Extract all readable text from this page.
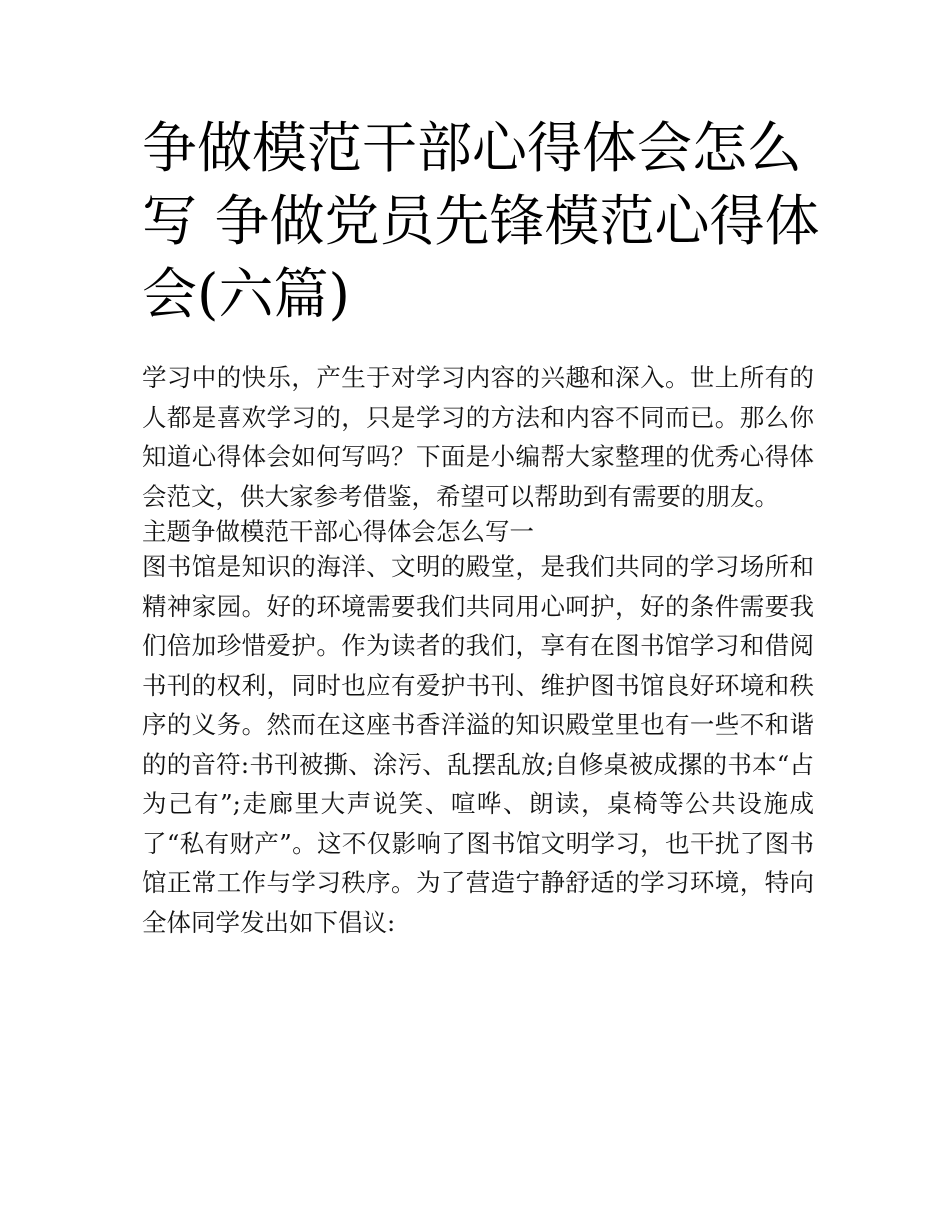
争做模范干部心得体会怎么写 争做党员先锋模范心得体会(六篇)

学习中的快乐，产生于对学习内容的兴趣和深入。世上所有的人都是喜欢学习的，只是学习的方法和内容不同而已。那么你知道心得体会如何写吗？下面是小编帮大家整理的优秀心得体会范文，供大家参考借鉴，希望可以帮助到有需要的朋友。

主题争做模范干部心得体会怎么写一

图书馆是知识的海洋、文明的殿堂，是我们共同的学习场所和精神家园。好的环境需要我们共同用心呵护，好的条件需要我们倍加珍惜爱护。作为读者的我们，享有在图书馆学习和借阅书刊的权利，同时也应有爱护书刊、维护图书馆良好环境和秩序的义务。然而在这座书香洋溢的知识殿堂里也有一些不和谐的的音符:书刊被撕、涂污、乱摆乱放;自修桌被成摞的书本“占为己有”;走廊里大声说笑、喧哗、朗读，桌椅等公共设施成了“私有财产”。这不仅影响了图书馆文明学习，也干扰了图书馆正常工作与学习秩序。为了营造宁静舒适的学习环境，特向全体同学发出如下倡议:
